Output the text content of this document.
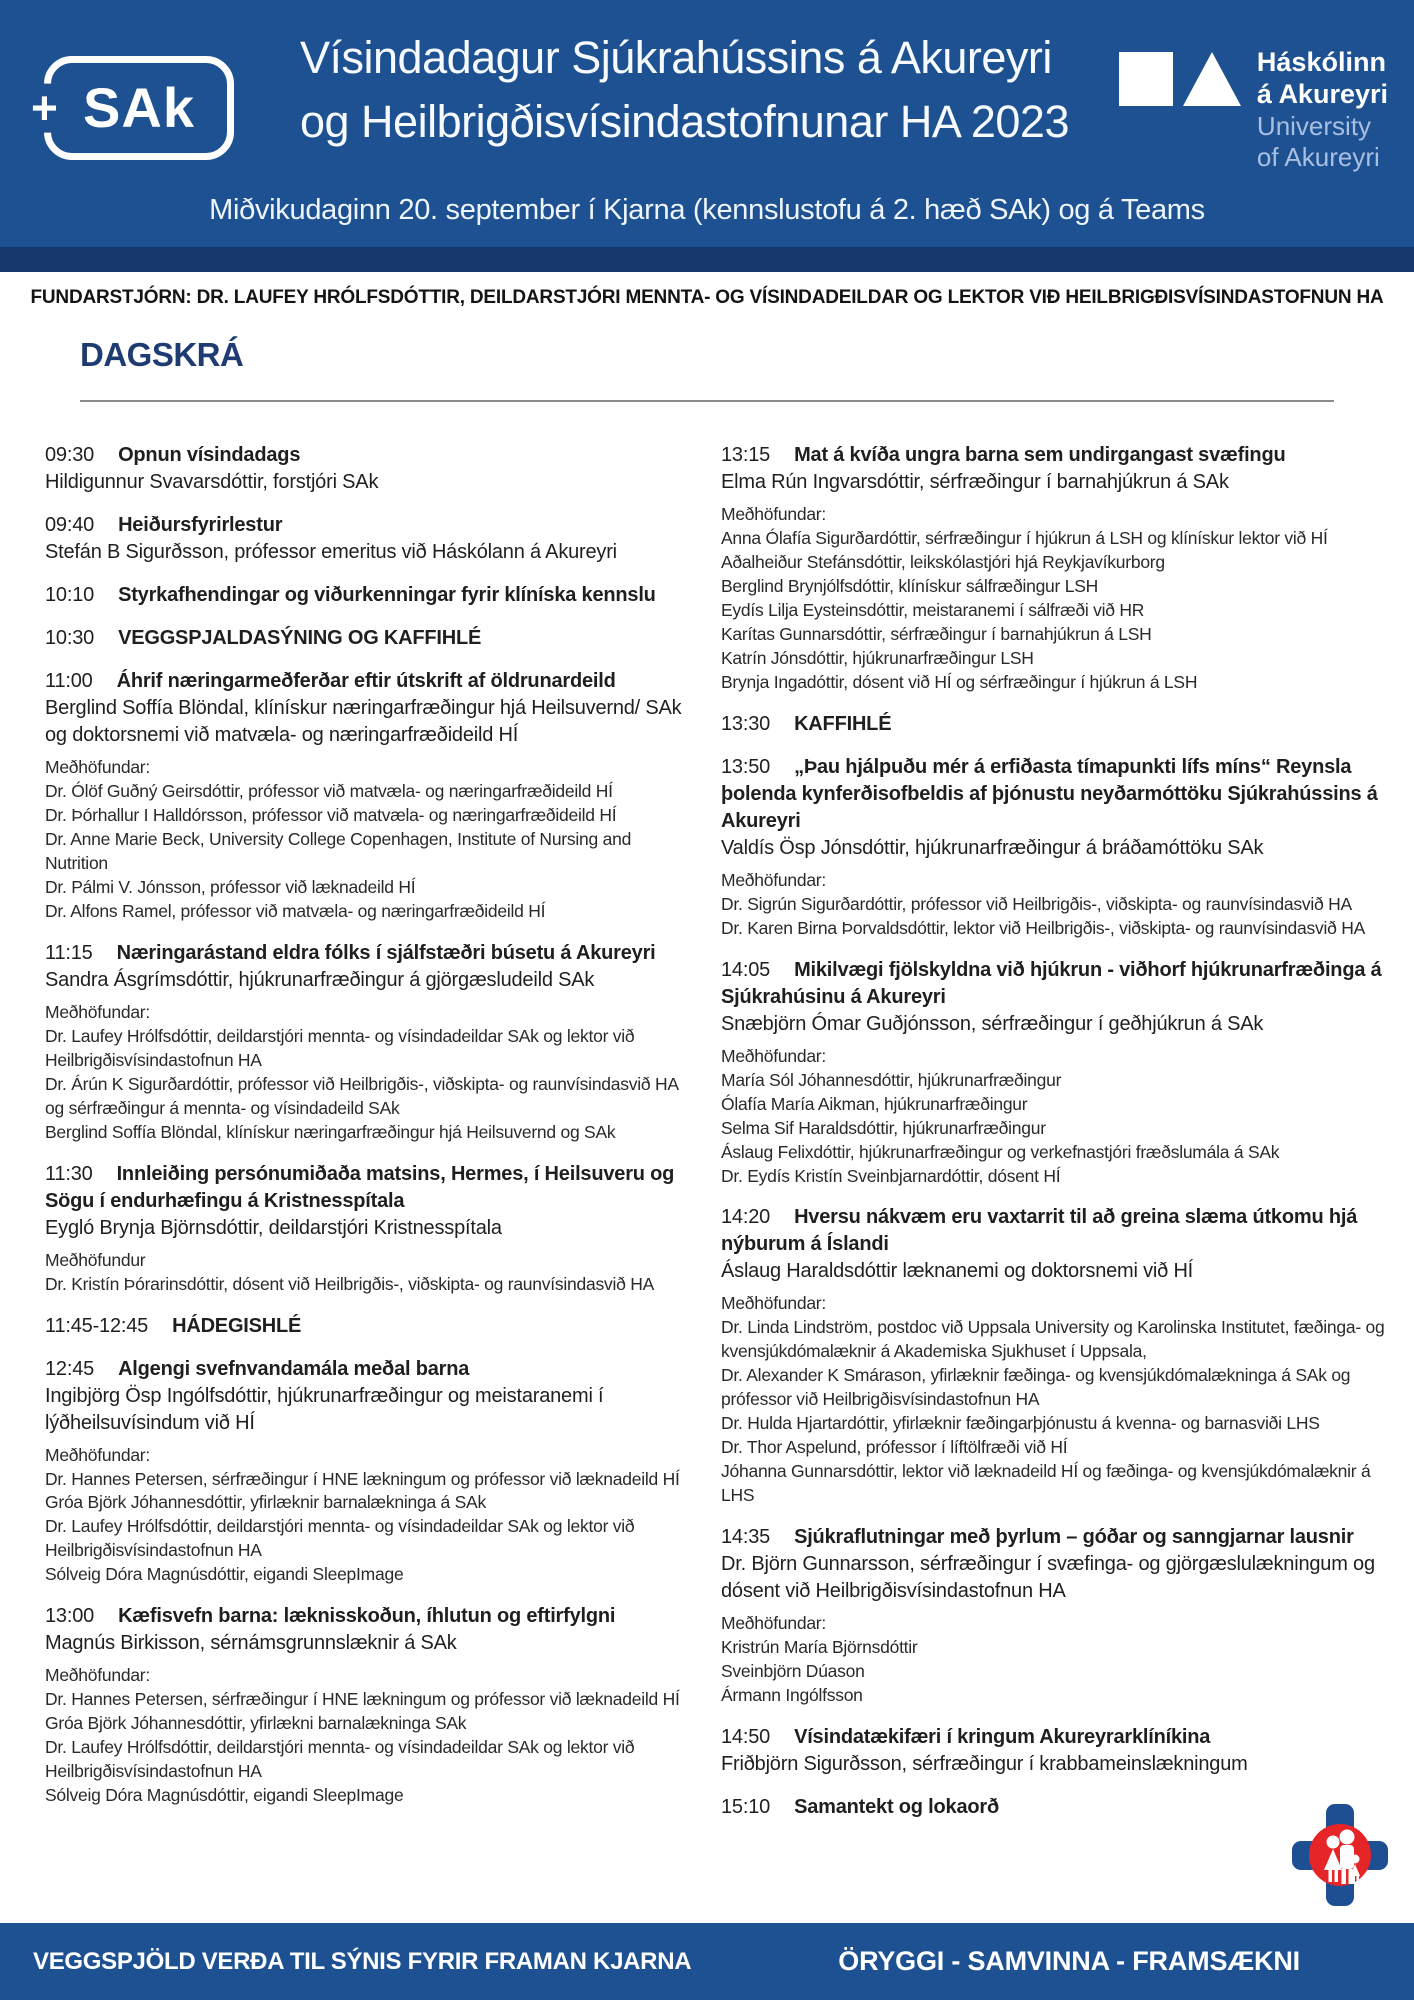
+ SAk
Vísindadagur Sjúkrahússins á Akureyri
og Heilbrigðisvísindastofnunar HA 2023
Háskólinn
á Akureyri
University
of Akureyri
Miðvikudaginn 20. september í Kjarna (kennslustofu á 2. hæð SAk) og á Teams
FUNDARSTJÓRN: DR. LAUFEY HRÓLFSDÓTTIR, DEILDARSTJÓRI MENNTA- OG VÍSINDADEILDAR OG LEKTOR VIÐ HEILBRIGÐISVÍSINDASTOFNUN HA
DAGSKRÁ
09:30 Opnun vísindadags
Hildigunnur Svavarsdóttir, forstjóri SAk
09:40 Heiðursfyrirlestur
Stefán B Sigurðsson, prófessor emeritus við Háskólann á Akureyri
10:10 Styrkafhendingar og viðurkenningar fyrir klíníska kennslu
10:30 VEGGSPJALDASÝNING OG KAFFIHLÉ
11:00 Áhrif næringarmeðferðar eftir útskrift af öldrunardeild
Berglind Soffía Blöndal, klínískur næringarfræðingur hjá Heilsuvernd/ SAk og doktorsnemi við matvæla- og næringarfræðideild HÍ
Meðhöfundar:
Dr. Ólöf Guðný Geirsdóttir, prófessor við matvæla- og næringarfræðideild HÍ
Dr. Þórhallur I Halldórsson, prófessor við matvæla- og næringarfræðideild HÍ
Dr. Anne Marie Beck, University College Copenhagen, Institute of Nursing and Nutrition
Dr. Pálmi V. Jónsson, prófessor við læknadeild HÍ
Dr. Alfons Ramel, prófessor við matvæla- og næringarfræðideild HÍ
11:15 Næringarástand eldra fólks í sjálfstæðri búsetu á Akureyri
Sandra Ásgrímsdóttir, hjúkrunarfræðingur á gjörgæsludeild SAk
Meðhöfundar:
Dr. Laufey Hrólfsdóttir, deildarstjóri mennta- og vísindadeildar SAk og lektor við Heilbrigðisvísindastofnun HA
Dr. Árún K Sigurðardóttir, prófessor við Heilbrigðis-, viðskipta- og raunvísindasvið HA og sérfræðingur á mennta- og vísindadeild SAk
Berglind Soffía Blöndal, klínískur næringarfræðingur hjá Heilsuvernd og SAk
11:30 Innleiðing persónumiðaða matsins, Hermes, í Heilsuveru og Sögu í endurhæfingu á Kristnesspítala
Eygló Brynja Björnsdóttir, deildarstjóri Kristnesspítala
Meðhöfundur
Dr. Kristín Þórarinsdóttir, dósent við Heilbrigðis-, viðskipta- og raunvísindasvið HA
11:45-12:45 HÁDEGISHLÉ
12:45 Algengi svefnvandamála meðal barna
Ingibjörg Ösp Ingólfsdóttir, hjúkrunarfræðingur og meistaranemi í lýðheilsuvísindum við HÍ
Meðhöfundar:
Dr. Hannes Petersen, sérfræðingur í HNE lækningum og prófessor við læknadeild HÍ
Gróa Björk Jóhannesdóttir, yfirlæknir barnalækninga á SAk
Dr. Laufey Hrólfsdóttir, deildarstjóri mennta- og vísindadeildar SAk og lektor við Heilbrigðisvísindastofnun HA
Sólveig Dóra Magnúsdóttir, eigandi SleepImage
13:00 Kæfisvefn barna: læknisskoðun, íhlutun og eftirfylgni
Magnús Birkisson, sérnámsgrunnslæknir á SAk
Meðhöfundar:
Dr. Hannes Petersen, sérfræðingur í HNE lækningum og prófessor við læknadeild HÍ
Gróa Björk Jóhannesdóttir, yfirlækni barnalækninga SAk
Dr. Laufey Hrólfsdóttir, deildarstjóri mennta- og vísindadeildar SAk og lektor við Heilbrigðisvísindastofnun HA
Sólveig Dóra Magnúsdóttir, eigandi SleepImage
13:15 Mat á kvíða ungra barna sem undirgangast svæfingu
Elma Rún Ingvarsdóttir, sérfræðingur í barnahjúkrun á SAk
Meðhöfundar:
Anna Ólafía Sigurðardóttir, sérfræðingur í hjúkrun á LSH og klínískur lektor við HÍ
Aðalheiður Stefánsdóttir, leikskólastjóri hjá Reykjavíkurborg
Berglind Brynjólfsdóttir, klínískur sálfræðingur LSH
Eydís Lilja Eysteinsdóttir, meistaranemi í sálfræði við HR
Karítas Gunnarsdóttir, sérfræðingur í barnahjúkrun á LSH
Katrín Jónsdóttir, hjúkrunarfræðingur LSH
Brynja Ingadóttir, dósent við HÍ og sérfræðingur í hjúkrun á LSH
13:30 KAFFIHLÉ
13:50 „Þau hjálpuðu mér á erfiðasta tímapunkti lífs míns“ Reynsla þolenda kynferðisofbeldis af þjónustu neyðarmóttöku Sjúkrahússins á Akureyri
Valdís Ösp Jónsdóttir, hjúkrunarfræðingur á bráðamóttöku SAk
Meðhöfundar:
Dr. Sigrún Sigurðardóttir, prófessor við Heilbrigðis-, viðskipta- og raunvísindasvið HA
Dr. Karen Birna Þorvaldsdóttir, lektor við Heilbrigðis-, viðskipta- og raunvísindasvið HA
14:05 Mikilvægi fjölskyldna við hjúkrun - viðhorf hjúkrunarfræðinga á Sjúkrahúsinu á Akureyri
Snæbjörn Ómar Guðjónsson, sérfræðingur í geðhjúkrun á SAk
Meðhöfundar:
María Sól Jóhannesdóttir, hjúkrunarfræðingur
Ólafía María Aikman, hjúkrunarfræðingur
Selma Sif Haraldsdóttir, hjúkrunarfræðingur
Áslaug Felixdóttir, hjúkrunarfræðingur og verkefnastjóri fræðslumála á SAk
Dr. Eydís Kristín Sveinbjarnardóttir, dósent HÍ
14:20 Hversu nákvæm eru vaxtarrit til að greina slæma útkomu hjá nýburum á Íslandi
Áslaug Haraldsdóttir læknanemi og doktorsnemi við HÍ
Meðhöfundar:
Dr. Linda Lindström, postdoc við Uppsala University og Karolinska Institutet, fæðinga- og kvensjúkdómalæknir á Akademiska Sjukhuset í Uppsala,
Dr. Alexander K Smárason, yfirlæknir fæðinga- og kvensjúkdómalækninga á SAk og prófessor við Heilbrigðisvísindastofnun HA
Dr. Hulda Hjartardóttir, yfirlæknir fæðingarþjónustu á kvenna- og barnasviði LHS
Dr. Thor Aspelund, prófessor í líftölfræði við HÍ
Jóhanna Gunnarsdóttir, lektor við læknadeild HÍ og fæðinga- og kvensjúkdómalæknir á LHS
14:35 Sjúkraflutningar með þyrlum – góðar og sanngjarnar lausnir
Dr. Björn Gunnarsson, sérfræðingur í svæfinga- og gjörgæslulækningum og dósent við Heilbrigðisvísindastofnun HA
Meðhöfundar:
Kristrún María Björnsdóttir
Sveinbjörn Dúason
Ármann Ingólfsson
14:50 Vísindatækifæri í kringum Akureyrarklíníkina
Friðbjörn Sigurðsson, sérfræðingur í krabbameinslækningum
15:10 Samantekt og lokaorð
VEGGSPJÖLD VERÐA TIL SÝNIS FYRIR FRAMAN KJARNA	ÖRYGGI - SAMVINNA - FRAMSÆKNI
